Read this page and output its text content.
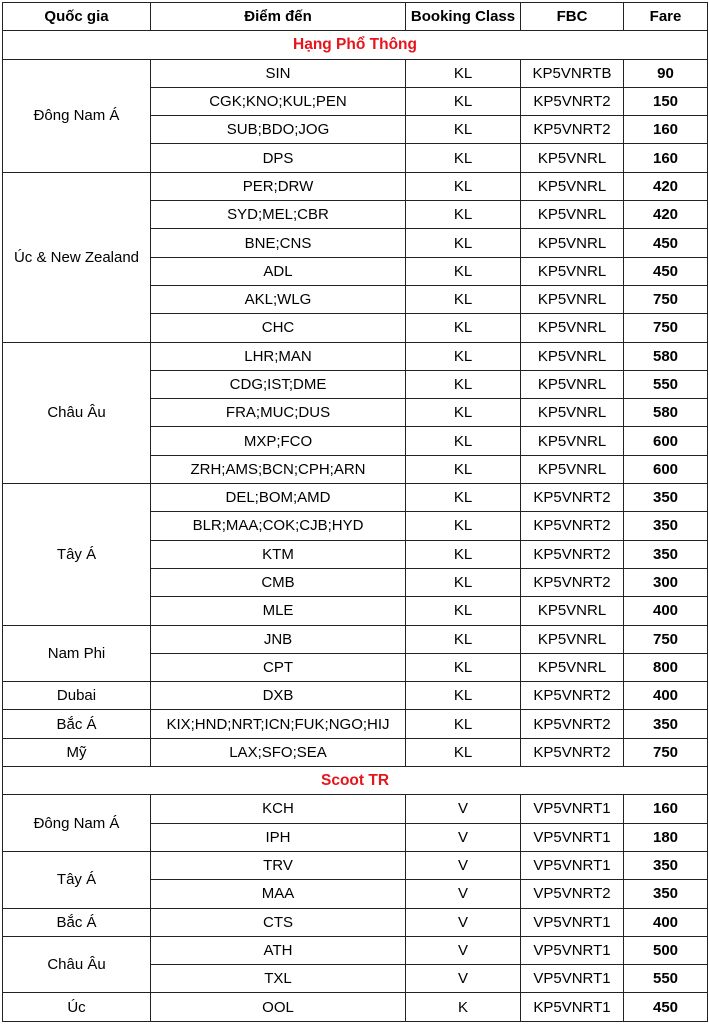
Quốc gia	Điểm đến	Booking Class	FBC	Fare
Hạng Phổ Thông				
Đông Nam Á	SIN	KL	KP5VNRTB	90
	CGK;KNO;KUL;PEN	KL	KP5VNRT2	150
	SUB;BDO;JOG	KL	KP5VNRT2	160
	DPS	KL	KP5VNRL	160
Úc & New Zealand	PER;DRW	KL	KP5VNRL	420
	SYD;MEL;CBR	KL	KP5VNRL	420
	BNE;CNS	KL	KP5VNRL	450
	ADL	KL	KP5VNRL	450
	AKL;WLG	KL	KP5VNRL	750
	CHC	KL	KP5VNRL	750
Châu Âu	LHR;MAN	KL	KP5VNRL	580
	CDG;IST;DME	KL	KP5VNRL	550
	FRA;MUC;DUS	KL	KP5VNRL	580
	MXP;FCO	KL	KP5VNRL	600
	ZRH;AMS;BCN;CPH;ARN	KL	KP5VNRL	600
Tây Á	DEL;BOM;AMD	KL	KP5VNRT2	350
	BLR;MAA;COK;CJB;HYD	KL	KP5VNRT2	350
	KTM	KL	KP5VNRT2	350
	CMB	KL	KP5VNRT2	300
	MLE	KL	KP5VNRL	400
Nam Phi	JNB	KL	KP5VNRL	750
	CPT	KL	KP5VNRL	800
Dubai	DXB	KL	KP5VNRT2	400
Bắc Á	KIX;HND;NRT;ICN;FUK;NGO;HIJ	KL	KP5VNRT2	350
Mỹ	LAX;SFO;SEA	KL	KP5VNRT2	750
Scoot TR				
Đông Nam Á	KCH	V	VP5VNRT1	160
	IPH	V	VP5VNRT1	180
Tây Á	TRV	V	VP5VNRT1	350
	MAA	V	VP5VNRT2	350
Bắc Á	CTS	V	VP5VNRT1	400
Châu Âu	ATH	V	VP5VNRT1	500
	TXL	V	VP5VNRT1	550
Úc	OOL	K	KP5VNRT1	450
